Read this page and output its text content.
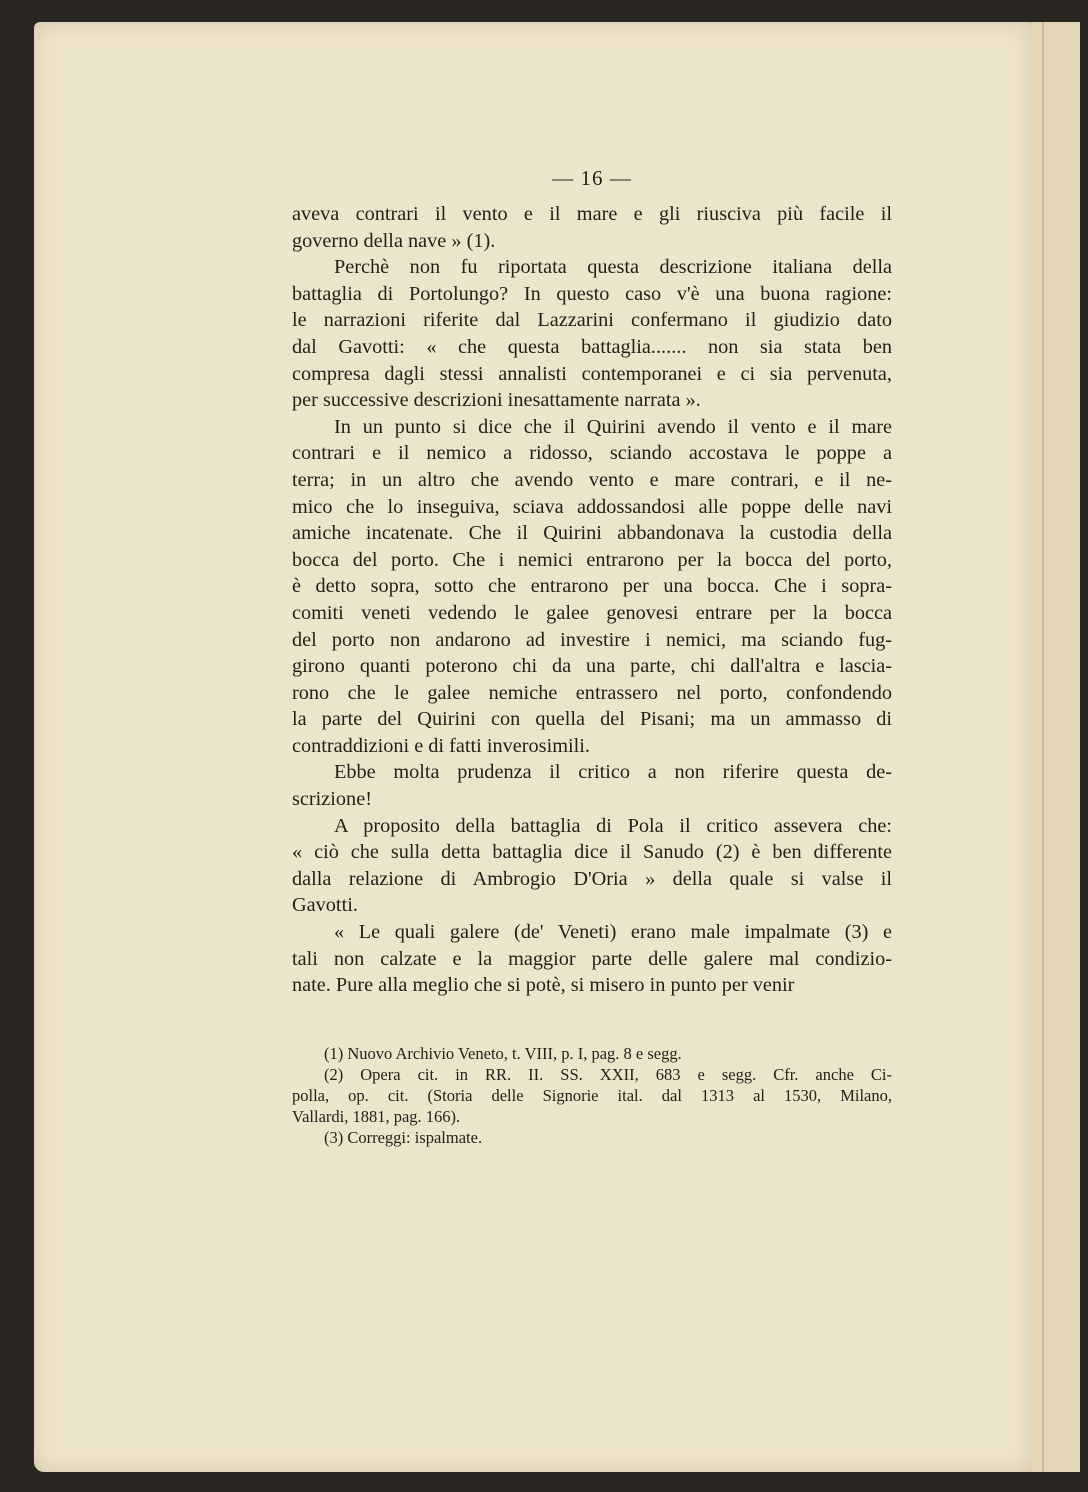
— 16 —
aveva contrari il vento e il mare e gli riusciva più facile il
governo della nave » (1).
Perchè non fu riportata questa descrizione italiana della
battaglia di Portolungo? In questo caso v'è una buona ragione:
le narrazioni riferite dal Lazzarini confermano il giudizio dato
dal Gavotti: « che questa battaglia....... non sia stata ben
compresa dagli stessi annalisti contemporanei e ci sia pervenuta,
per successive descrizioni inesattamente narrata ».
In un punto si dice che il Quirini avendo il vento e il mare
contrari e il nemico a ridosso, sciando accostava le poppe a
terra; in un altro che avendo vento e mare contrari, e il ne-
mico che lo inseguiva, sciava addossandosi alle poppe delle navi
amiche incatenate. Che il Quirini abbandonava la custodia della
bocca del porto. Che i nemici entrarono per la bocca del porto,
è detto sopra, sotto che entrarono per una bocca. Che i sopra-
comiti veneti vedendo le galee genovesi entrare per la bocca
del porto non andarono ad investire i nemici, ma sciando fug-
girono quanti poterono chi da una parte, chi dall'altra e lascia-
rono che le galee nemiche entrassero nel porto, confondendo
la parte del Quirini con quella del Pisani; ma un ammasso di
contraddizioni e di fatti inverosimili.
Ebbe molta prudenza il critico a non riferire questa de-
scrizione!
A proposito della battaglia di Pola il critico assevera che:
« ciò che sulla detta battaglia dice il Sanudo (2) è ben differente
dalla relazione di Ambrogio D'Oria » della quale si valse il
Gavotti.
« Le quali galere (de' Veneti) erano male impalmate (3) e
tali non calzate e la maggior parte delle galere mal condizio-
nate. Pure alla meglio che si potè, si misero in punto per venir
(1) Nuovo Archivio Veneto, t. VIII, p. I, pag. 8 e segg.
(2) Opera cit. in RR. II. SS. XXII, 683 e segg. Cfr. anche Ci-
polla, op. cit. (Storia delle Signorie ital. dal 1313 al 1530, Milano,
Vallardi, 1881, pag. 166).
(3) Correggi: ispalmate.
